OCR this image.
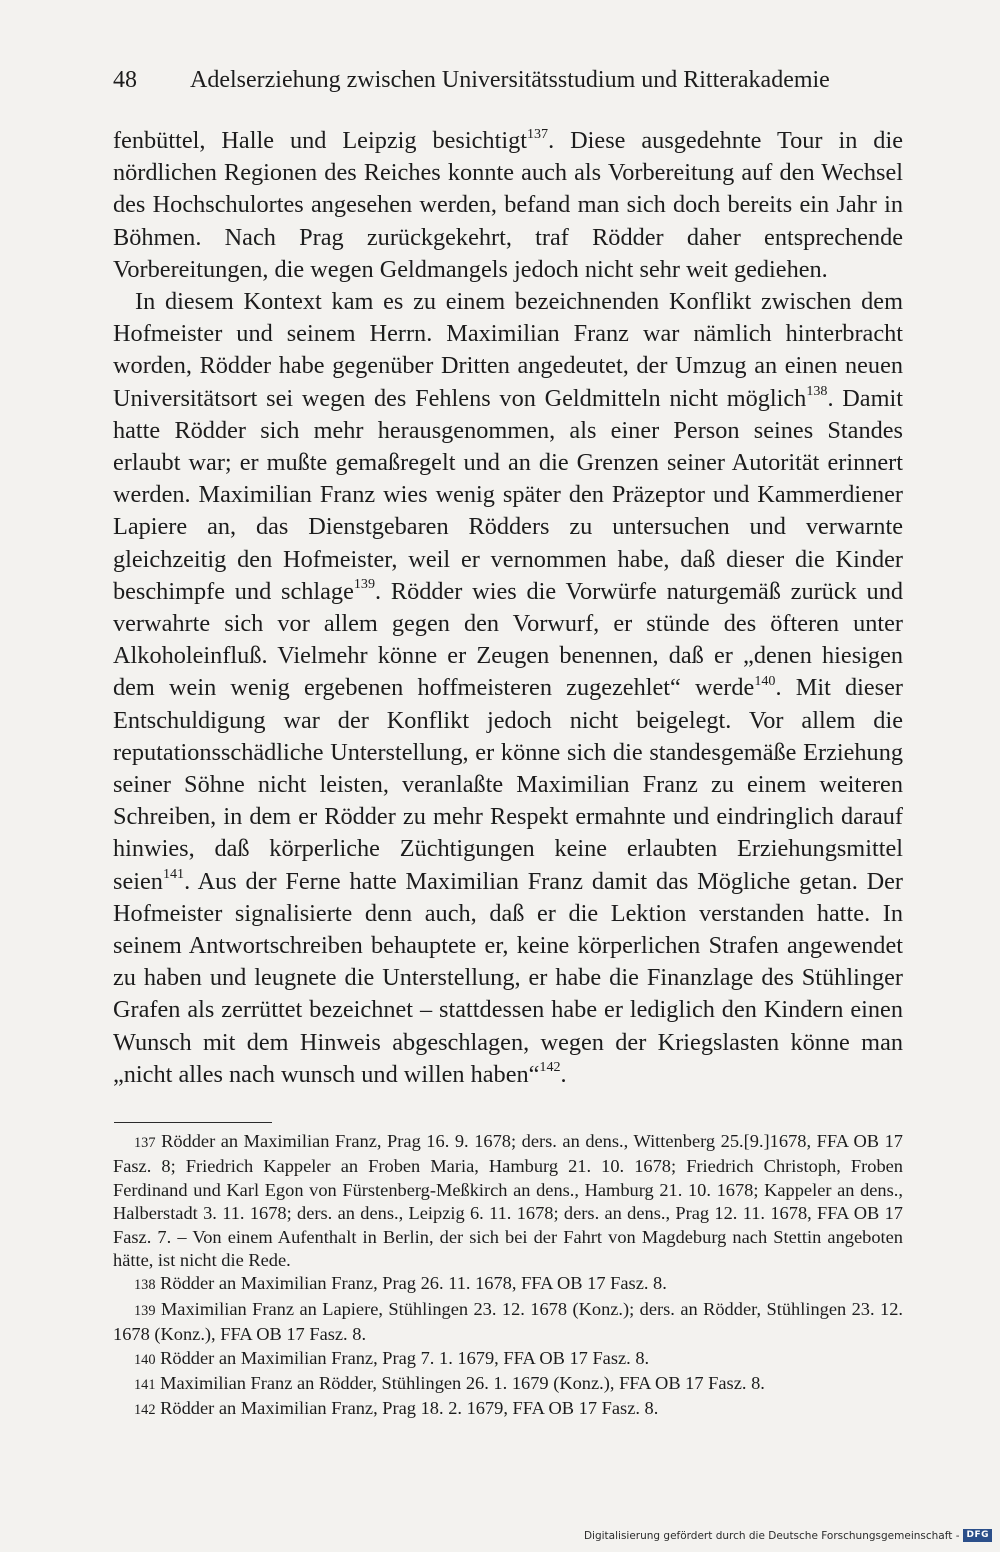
48 Adelserziehung zwischen Universitätsstudium und Ritterakademie

fenbüttel, Halle und Leipzig besichtigt$^{137}$. Diese ausgedehnte Tour in die nördlichen Regionen des Reiches konnte auch als Vorbereitung auf den Wechsel des Hochschulortes angesehen werden, befand man sich doch bereits ein Jahr in Böhmen. Nach Prag zurückgekehrt, traf Rödder daher entsprechende Vorbereitungen, die wegen Geldmangels jedoch nicht sehr weit gediehen.

In diesem Kontext kam es zu einem bezeichnenden Konflikt zwischen dem Hofmeister und seinem Herrn. Maximilian Franz war nämlich hinterbracht worden, Rödder habe gegenüber Dritten angedeutet, der Umzug an einen neuen Universitätsort sei wegen des Fehlens von Geldmitteln nicht möglich$^{138}$. Damit hatte Rödder sich mehr herausgenommen, als einer Person seines Standes erlaubt war; er mußte gemaßregelt und an die Grenzen seiner Autorität erinnert werden. Maximilian Franz wies wenig später den Präzeptor und Kammerdiener Lapiere an, das Dienstgebaren Rödders zu untersuchen und verwarnte gleichzeitig den Hofmeister, weil er vernommen habe, daß dieser die Kinder beschimpfe und schlage$^{139}$. Rödder wies die Vorwürfe naturgemäß zurück und verwahrte sich vor allem gegen den Vorwurf, er stünde des öfteren unter Alkoholeinfluß. Vielmehr könne er Zeugen benennen, daß er „denen hiesigen dem wein wenig ergebenen hoffmeisteren zugezehlet“ werde$^{140}$. Mit dieser Entschuldigung war der Konflikt jedoch nicht beigelegt. Vor allem die reputationsschädliche Unterstellung, er könne sich die standesgemäße Erziehung seiner Söhne nicht leisten, veranlaßte Maximilian Franz zu einem weiteren Schreiben, in dem er Rödder zu mehr Respekt ermahnte und eindringlich darauf hinwies, daß körperliche Züchtigungen keine erlaubten Erziehungsmittel seien$^{141}$. Aus der Ferne hatte Maximilian Franz damit das Mögliche getan. Der Hofmeister signalisierte denn auch, daß er die Lektion verstanden hatte. In seinem Antwortschreiben behauptete er, keine körperlichen Strafen angewendet zu haben und leugnete die Unterstellung, er habe die Finanzlage des Stühlinger Grafen als zerrüttet bezeichnet – stattdessen habe er lediglich den Kindern einen Wunsch mit dem Hinweis abgeschlagen, wegen der Kriegslasten könne man „nicht alles nach wunsch und willen haben“$^{142}$.

137 Rödder an Maximilian Franz, Prag 16. 9. 1678; ders. an dens., Wittenberg 25.[9.]1678, FFA OB 17 Fasz. 8; Friedrich Kappeler an Froben Maria, Hamburg 21. 10. 1678; Friedrich Christoph, Froben Ferdinand und Karl Egon von Fürstenberg-Meßkirch an dens., Hamburg 21. 10. 1678; Kappeler an dens., Halberstadt 3. 11. 1678; ders. an dens., Leipzig 6. 11. 1678; ders. an dens., Prag 12. 11. 1678, FFA OB 17 Fasz. 7. – Von einem Aufenthalt in Berlin, der sich bei der Fahrt von Magdeburg nach Stettin angeboten hätte, ist nicht die Rede.

138 Rödder an Maximilian Franz, Prag 26. 11. 1678, FFA OB 17 Fasz. 8.

139 Maximilian Franz an Lapiere, Stühlingen 23. 12. 1678 (Konz.); ders. an Rödder, Stühlingen 23. 12. 1678 (Konz.), FFA OB 17 Fasz. 8.

140 Rödder an Maximilian Franz, Prag 7. 1. 1679, FFA OB 17 Fasz. 8.

141 Maximilian Franz an Rödder, Stühlingen 26. 1. 1679 (Konz.), FFA OB 17 Fasz. 8.

142 Rödder an Maximilian Franz, Prag 18. 2. 1679, FFA OB 17 Fasz. 8.

Digitalisierung gefördert durch die Deutsche Forschungsgemeinschaft - DFG
